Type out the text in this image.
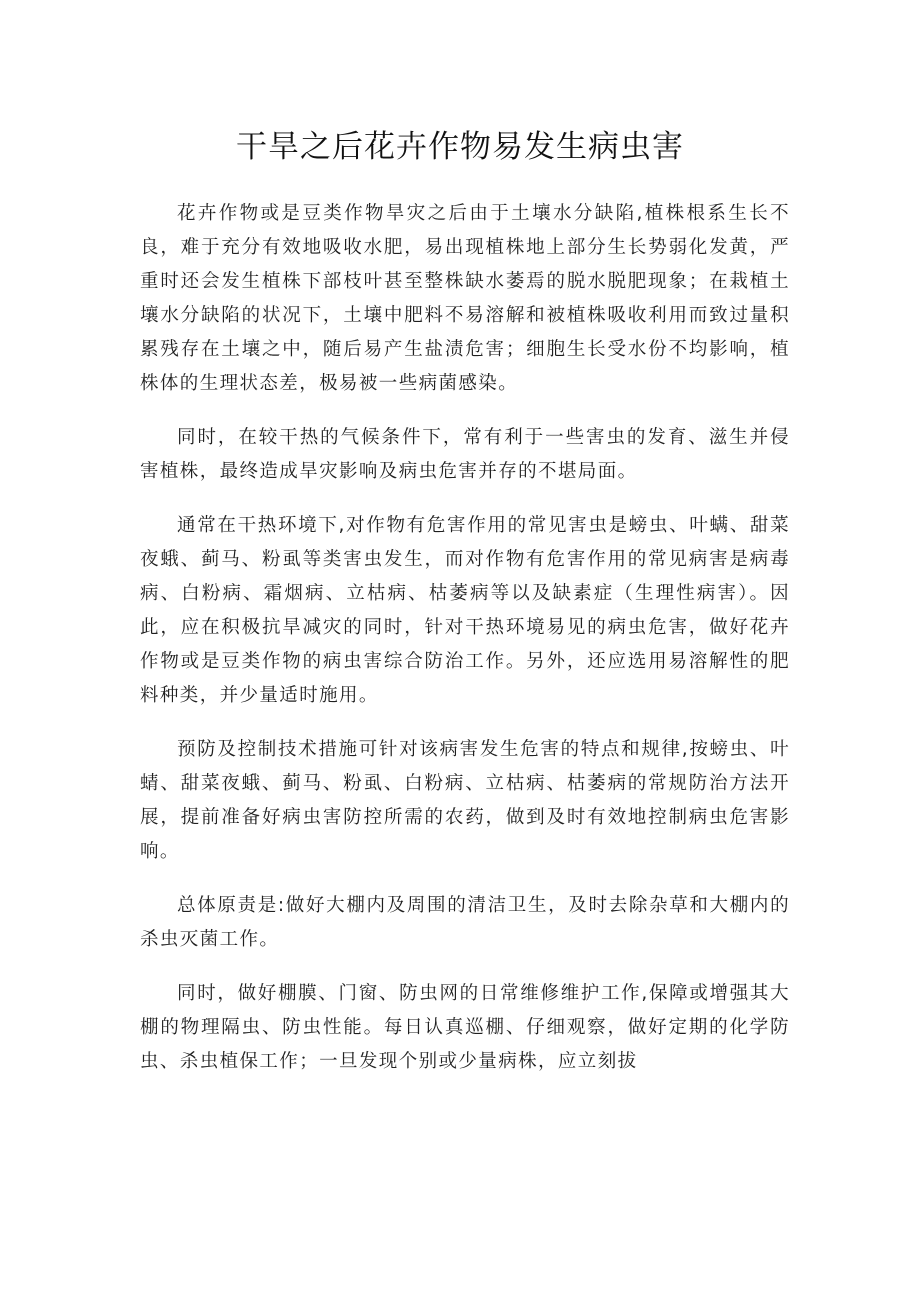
干旱之后花卉作物易发生病虫害

花卉作物或是豆类作物旱灾之后由于土壤水分缺陷,植株根系生长不良，难于充分有效地吸收水肥，易出现植株地上部分生长势弱化发黄，严重时还会发生植株下部枝叶甚至整株缺水萎焉的脱水脱肥现象；在栽植土壤水分缺陷的状况下，土壤中肥料不易溶解和被植株吸收利用而致过量积累残存在土壤之中，随后易产生盐渍危害；细胞生长受水份不均影响，植株体的生理状态差，极易被一些病菌感染。

同时，在较干热的气候条件下，常有利于一些害虫的发育、滋生并侵害植株，最终造成旱灾影响及病虫危害并存的不堪局面。

通常在干热环境下,对作物有危害作用的常见害虫是螃虫、叶螨、甜菜夜蛾、蓟马、粉虱等类害虫发生，而对作物有危害作用的常见病害是病毒病、白粉病、霜烟病、立枯病、枯萎病等以及缺素症（生理性病害）。因此，应在积极抗旱减灾的同时，针对干热环境易见的病虫危害，做好花卉作物或是豆类作物的病虫害综合防治工作。另外，还应选用易溶解性的肥料种类，并少量适时施用。

预防及控制技术措施可针对该病害发生危害的特点和规律,按螃虫、叶蜻、甜菜夜蛾、蓟马、粉虱、白粉病、立枯病、枯萎病的常规防治方法开展，提前准备好病虫害防控所需的农药，做到及时有效地控制病虫危害影响。

总体原责是:做好大棚内及周围的清洁卫生，及时去除杂草和大棚内的杀虫灭菌工作。

同时，做好棚膜、门窗、防虫网的日常维修维护工作,保障或增强其大棚的物理隔虫、防虫性能。每日认真巡棚、仔细观察，做好定期的化学防虫、杀虫植保工作；一旦发现个别或少量病株，应立刻拔
